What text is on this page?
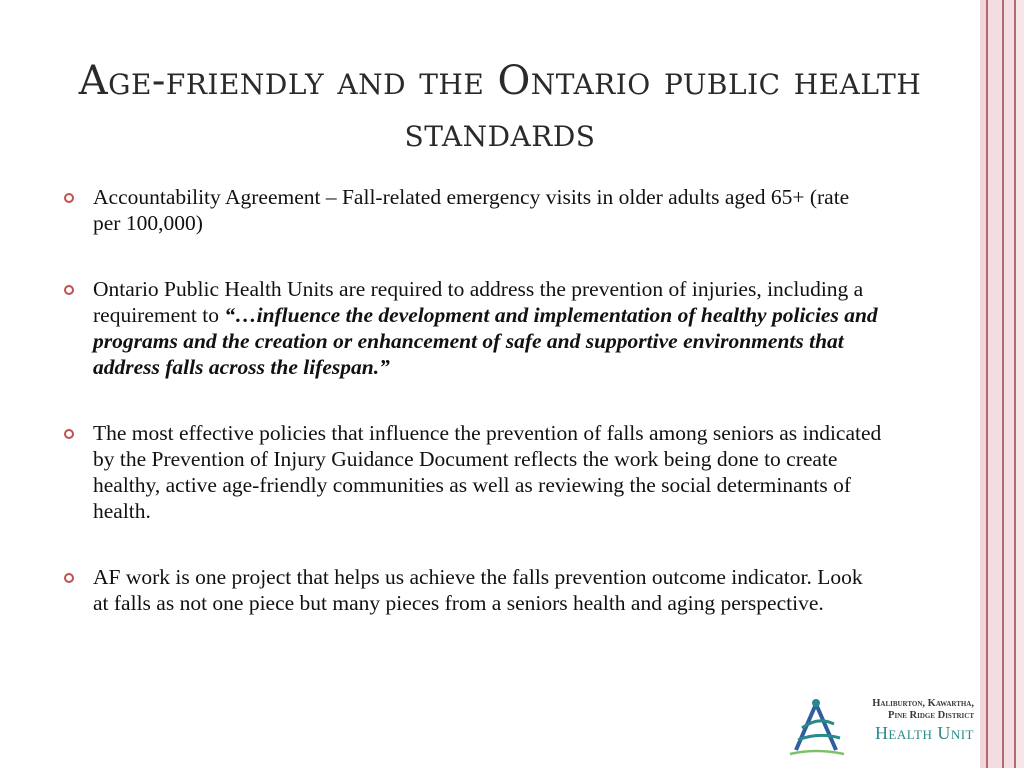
Age-friendly and the Ontario public health standards
Accountability Agreement – Fall-related emergency visits in older adults aged 65+ (rate per 100,000)
Ontario Public Health Units are required to address the prevention of injuries, including a requirement to “…influence the development and implementation of healthy policies and programs and the creation or enhancement of safe and supportive environments that address falls across the lifespan.”
The most effective policies that influence the prevention of falls among seniors as indicated by the Prevention of Injury Guidance Document reflects the work being done to create healthy, active age-friendly communities as well as reviewing the social determinants of health.
AF work is one project that helps us achieve the falls prevention outcome indicator. Look at falls as not one piece but many pieces from a seniors health and aging perspective.
Haliburton, Kawartha,
Pine Ridge District
Health Unit
